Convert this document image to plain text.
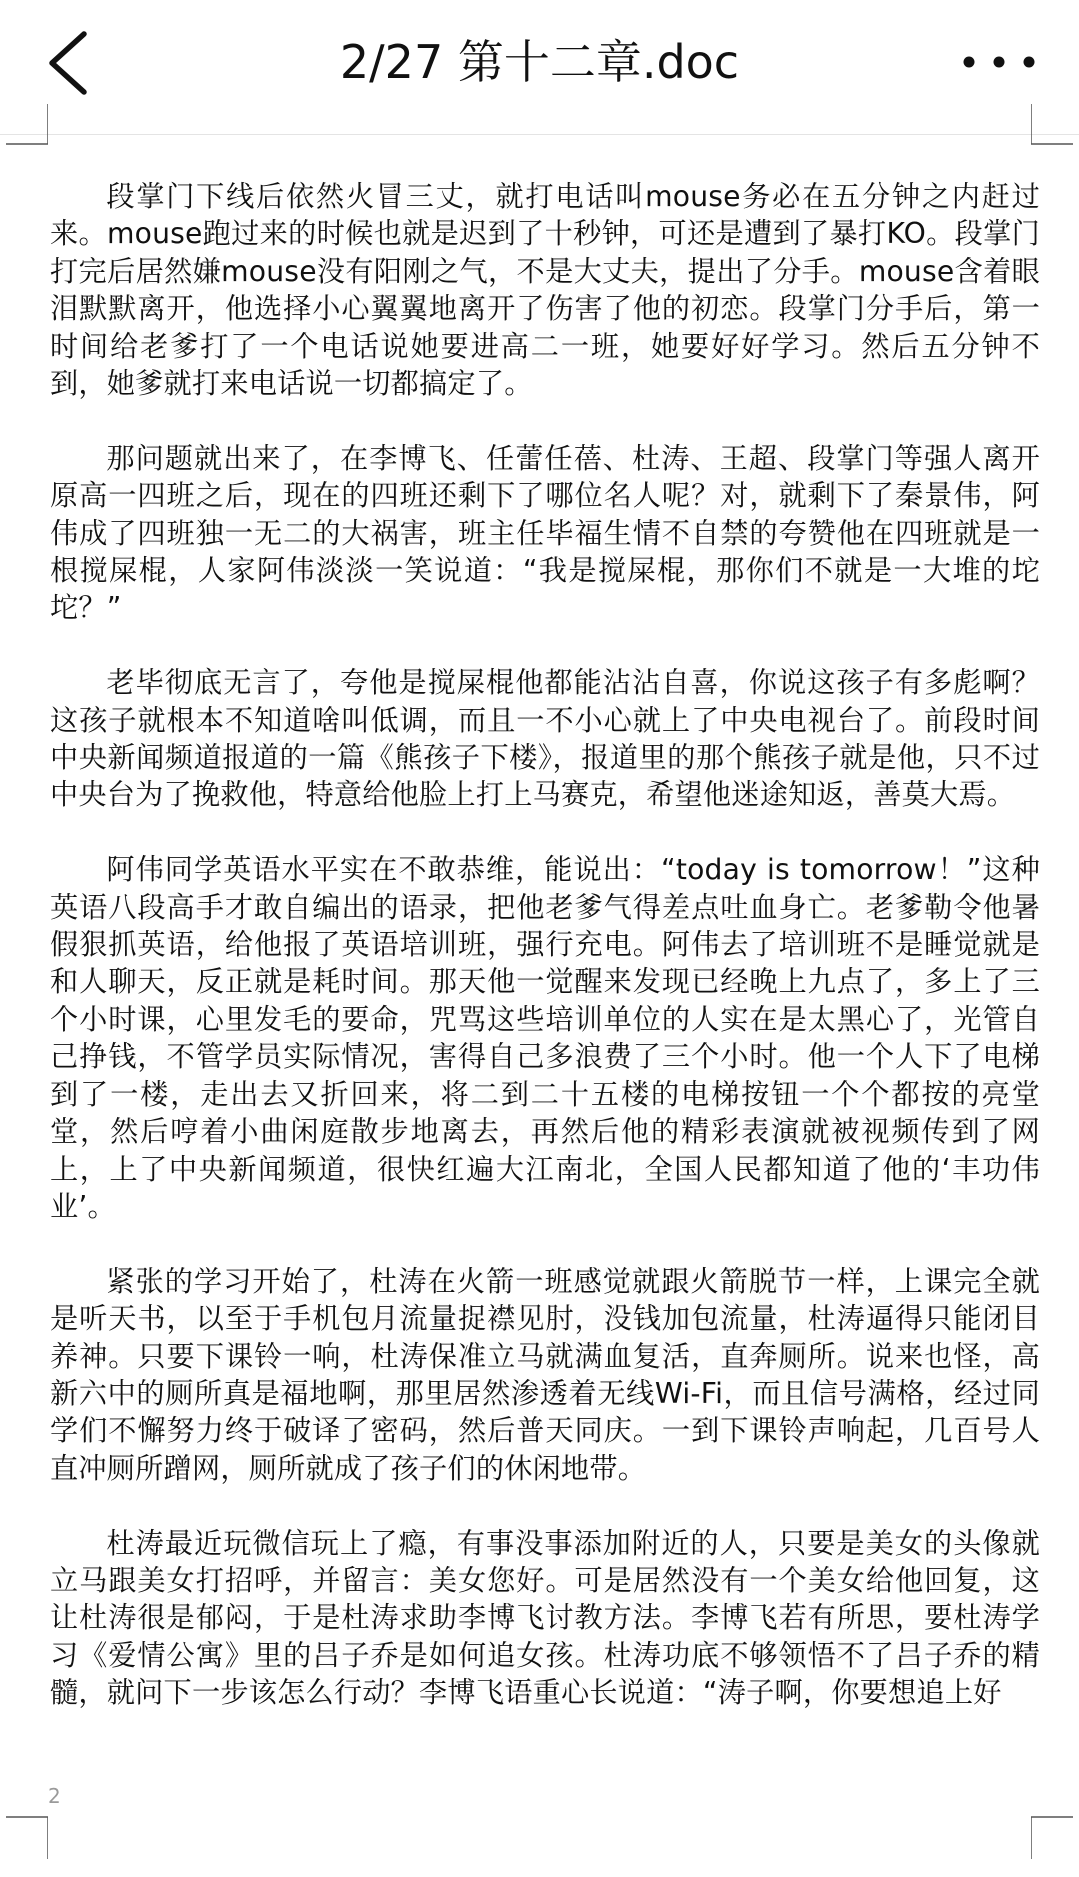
2/27 第十二章.doc

段掌门下线后依然火冒三丈，就打电话叫mouse务必在五分钟之内赶过来。mouse跑过来的时候也就是迟到了十秒钟，可还是遭到了暴打KO。段掌门打完后居然嫌mouse没有阳刚之气，不是大丈夫，提出了分手。mouse含着眼泪默默离开，他选择小心翼翼地离开了伤害了他的初恋。段掌门分手后，第一时间给老爹打了一个电话说她要进高二一班，她要好好学习。然后五分钟不到，她爹就打来电话说一切都搞定了。

那问题就出来了，在李博飞、任蕾任蓓、杜涛、王超、段掌门等强人离开原高一四班之后，现在的四班还剩下了哪位名人呢？对，就剩下了秦景伟，阿伟成了四班独一无二的大祸害，班主任毕福生情不自禁的夸赞他在四班就是一根搅屎棍，人家阿伟淡淡一笑说道：“我是搅屎棍，那你们不就是一大堆的坨坨？”

老毕彻底无言了，夸他是搅屎棍他都能沾沾自喜，你说这孩子有多彪啊？这孩子就根本不知道啥叫低调，而且一不小心就上了中央电视台了。前段时间中央新闻频道报道的一篇《熊孩子下楼》，报道里的那个熊孩子就是他，只不过中央台为了挽救他，特意给他脸上打上马赛克，希望他迷途知返，善莫大焉。

阿伟同学英语水平实在不敢恭维，能说出：“today is tomorrow！”这种英语八段高手才敢自编出的语录，把他老爹气得差点吐血身亡。老爹勒令他暑假狠抓英语，给他报了英语培训班，强行充电。阿伟去了培训班不是睡觉就是和人聊天，反正就是耗时间。那天他一觉醒来发现已经晚上九点了，多上了三个小时课，心里发毛的要命，咒骂这些培训单位的人实在是太黑心了，光管自己挣钱，不管学员实际情况，害得自己多浪费了三个小时。他一个人下了电梯到了一楼，走出去又折回来，将二到二十五楼的电梯按钮一个个都按的亮堂堂，然后哼着小曲闲庭散步地离去，再然后他的精彩表演就被视频传到了网上，上了中央新闻频道，很快红遍大江南北，全国人民都知道了他的‘丰功伟业’。

紧张的学习开始了，杜涛在火箭一班感觉就跟火箭脱节一样，上课完全就是听天书，以至于手机包月流量捉襟见肘，没钱加包流量，杜涛逼得只能闭目养神。只要下课铃一响，杜涛保准立马就满血复活，直奔厕所。说来也怪，高新六中的厕所真是福地啊，那里居然渗透着无线Wi-Fi，而且信号满格，经过同学们不懈努力终于破译了密码，然后普天同庆。一到下课铃声响起，几百号人直冲厕所蹭网，厕所就成了孩子们的休闲地带。

杜涛最近玩微信玩上了瘾，有事没事添加附近的人，只要是美女的头像就立马跟美女打招呼，并留言：美女您好。可是居然没有一个美女给他回复，这让杜涛很是郁闷，于是杜涛求助李博飞讨教方法。李博飞若有所思，要杜涛学习《爱情公寓》里的吕子乔是如何追女孩。杜涛功底不够领悟不了吕子乔的精髓，就问下一步该怎么行动？李博飞语重心长说道：“涛子啊，你要想追上好

2
